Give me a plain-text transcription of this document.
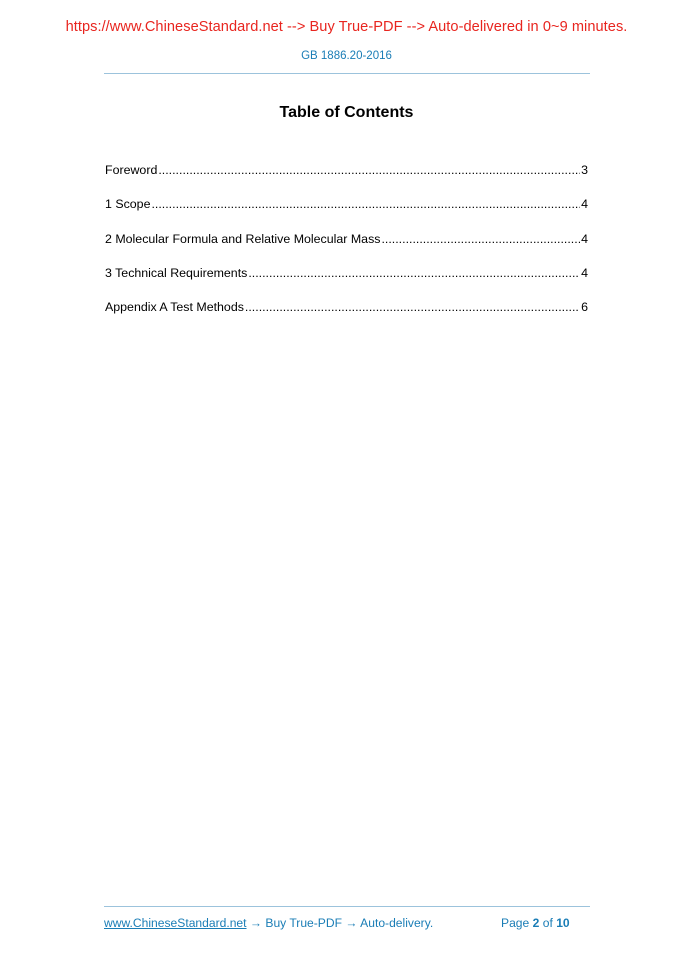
https://www.ChineseStandard.net --> Buy True-PDF --> Auto-delivered in 0~9 minutes.
GB 1886.20-2016
Table of Contents
Foreword .....	3
1 Scope .....	4
2 Molecular Formula and Relative Molecular Mass .....	4
3 Technical Requirements .....	4
Appendix A Test Methods .....	6
www.ChineseStandard.net → Buy True-PDF → Auto-delivery.	Page 2 of 10
